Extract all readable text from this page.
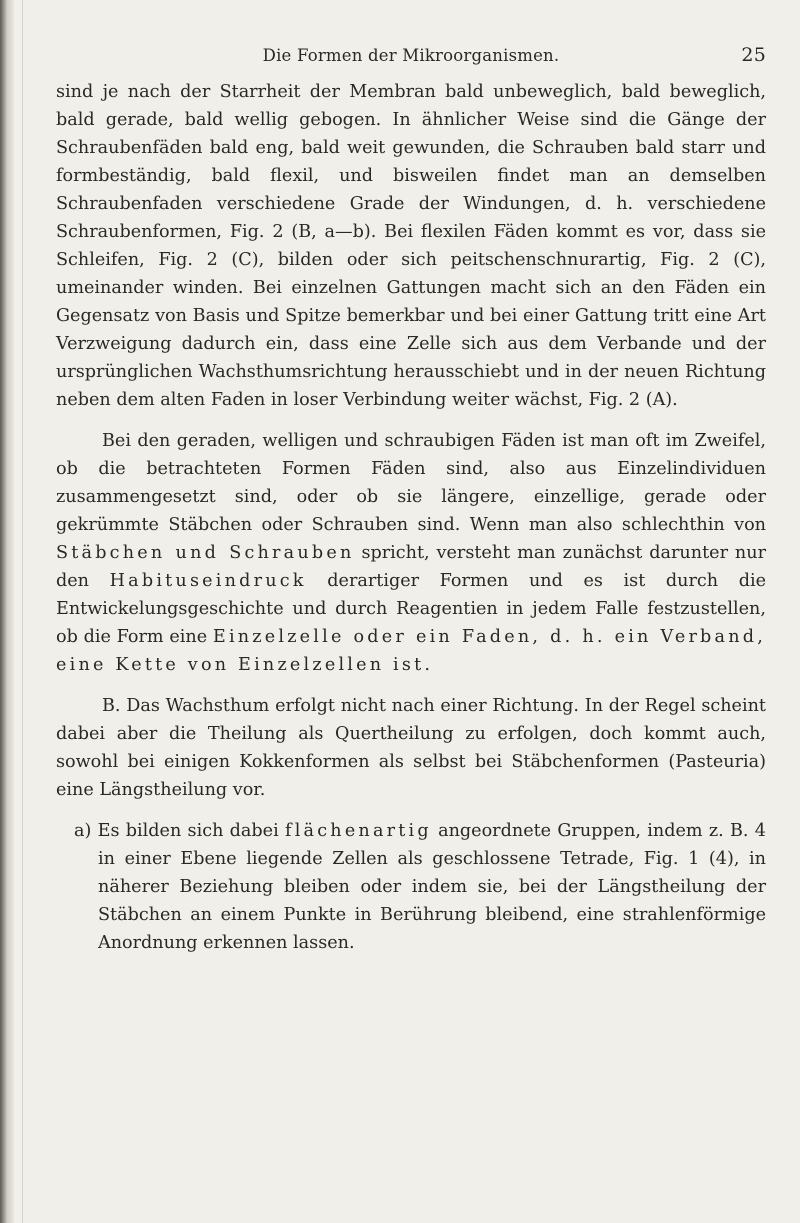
Die Formen der Mikroorganismen.	25

sind je nach der Starrheit der Membran bald unbeweglich, bald beweglich, bald gerade, bald wellig gebogen. In ähnlicher Weise sind die Gänge der Schraubenfäden bald eng, bald weit gewunden, die Schrauben bald starr und formbeständig, bald flexil, und bisweilen findet man an demselben Schraubenfaden verschiedene Grade der Windungen, d. h. verschiedene Schraubenformen, Fig. 2 (B, a—b). Bei flexilen Fäden kommt es vor, dass sie Schleifen, Fig. 2 (C), bilden oder sich peitschenschnurartig, Fig. 2 (C), umeinander winden. Bei einzelnen Gattungen macht sich an den Fäden ein Gegensatz von Basis und Spitze bemerkbar und bei einer Gattung tritt eine Art Verzweigung dadurch ein, dass eine Zelle sich aus dem Verbande und der ursprünglichen Wachsthumsrichtung herausschiebt und in der neuen Richtung neben dem alten Faden in loser Verbindung weiter wächst, Fig. 2 (A).

Bei den geraden, welligen und schraubigen Fäden ist man oft im Zweifel, ob die betrachteten Formen Fäden sind, also aus Einzelindividuen zusammengesetzt sind, oder ob sie längere, einzellige, gerade oder gekrümmte Stäbchen oder Schrauben sind. Wenn man also schlechthin von Stäbchen und Schrauben spricht, versteht man zunächst darunter nur den Habituseindruck derartiger Formen und es ist durch die Entwickelungsgeschichte und durch Reagentien in jedem Falle festzustellen, ob die Form eine Einzelzelle oder ein Faden, d. h. ein Verband, eine Kette von Einzelzellen ist.

B. Das Wachsthum erfolgt nicht nach einer Richtung. In der Regel scheint dabei aber die Theilung als Quertheilung zu erfolgen, doch kommt auch, sowohl bei einigen Kokkenformen als selbst bei Stäbchenformen (Pasteuria) eine Längstheilung vor.

a) Es bilden sich dabei flächenartig angeordnete Gruppen, indem z. B. 4 in einer Ebene liegende Zellen als geschlossene Tetrade, Fig. 1 (4), in näherer Beziehung bleiben oder indem sie, bei der Längstheilung der Stäbchen an einem Punkte in Berührung bleibend, eine strahlenförmige Anordnung erkennen lassen.
